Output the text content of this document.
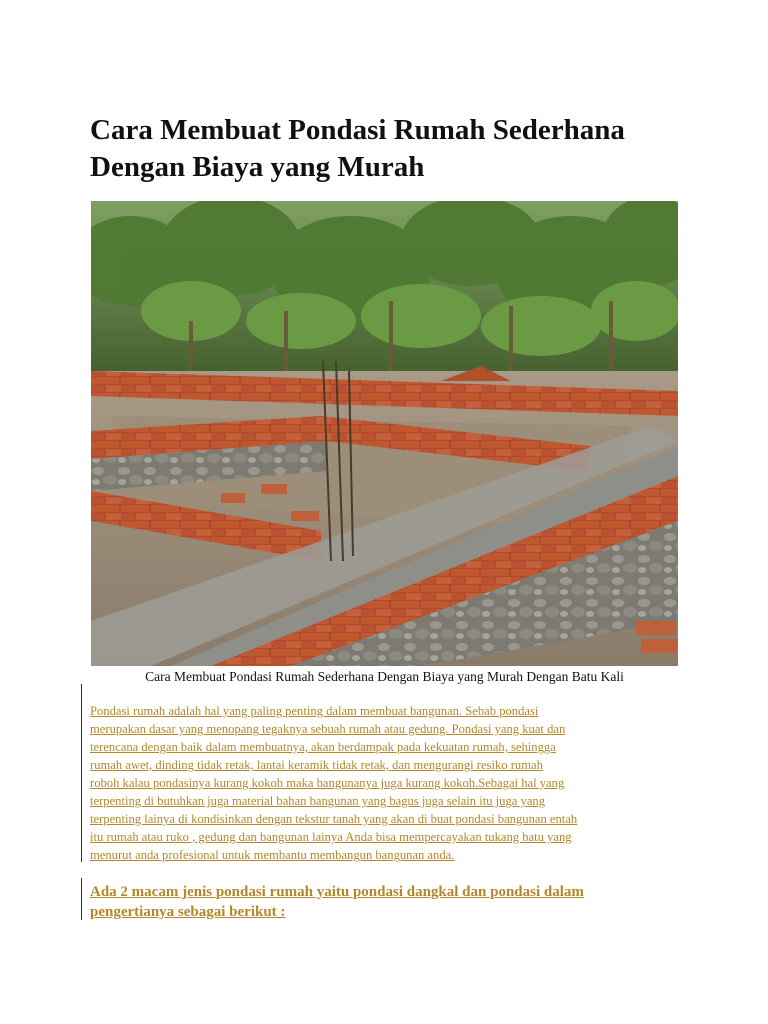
Cara Membuat Pondasi Rumah Sederhana
Dengan Biaya yang Murah
Cara Membuat Pondasi Rumah Sederhana Dengan Biaya yang Murah Dengan Batu Kali
Pondasi rumah adalah hal yang paling penting dalam membuat bangunan. Sebab pondasi
merupakan dasar yang menopang tegaknya sebuah rumah atau gedung. Pondasi yang kuat dan
terencana dengan baik dalam membuatnya, akan berdampak pada kekuatan rumah, sehingga
rumah awet, dinding tidak retak, lantai keramik tidak retak, dan mengurangi resiko rumah
roboh kalau pondasinya kurang kokoh maka bangunanya juga kurang kokoh.Sebagai hal yang
terpenting di butuhkan juga material bahan bangunan yang bagus juga selain itu juga yang
terpenting lainya di kondisinkan dengan tekstur tanah yang akan di buat pondasi bangunan entah
itu rumah atau ruko , gedung dan bangunan lainya Anda bisa mempercayakan tukang batu yang
menurut anda profesional untuk membantu membangun bangunan anda.
Ada 2 macam jenis pondasi rumah yaitu pondasi dangkal dan pondasi dalam
pengertianya sebagai berikut :
